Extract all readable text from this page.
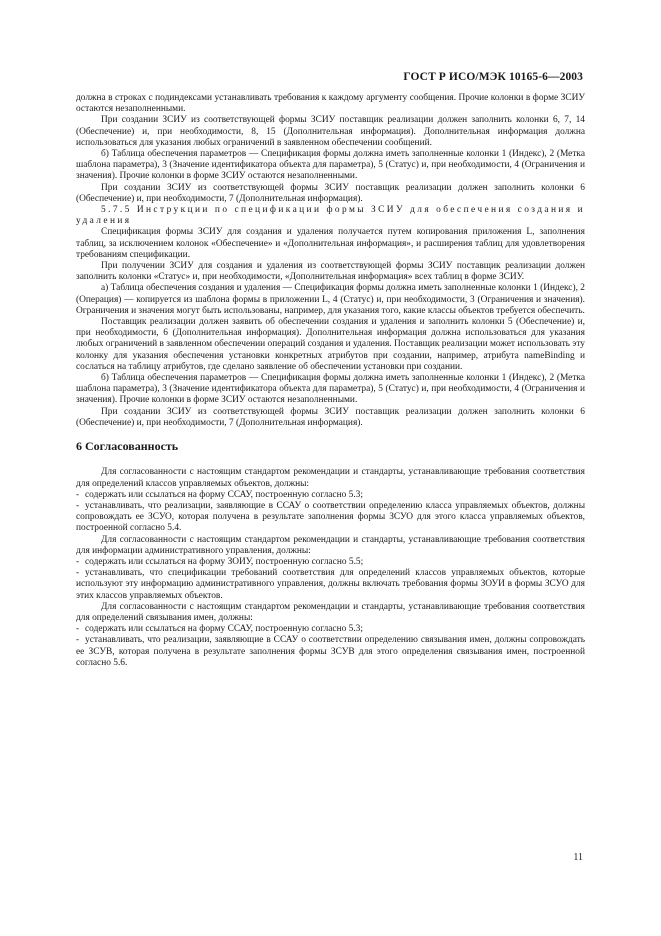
ГОСТ Р ИСО/МЭК 10165-6—2003

должна в строках с подиндексами устанавливать требования к каждому аргументу сообщения. Прочие колонки в форме ЗСИУ остаются незаполненными.

При создании ЗСИУ из соответствующей формы ЗСИУ поставщик реализации должен заполнить колонки 6, 7, 14 (Обеспечение) и, при необходимости, 8, 15 (Дополнительная информация). Дополнительная информация должна использоваться для указания любых ограничений в заявленном обеспечении сообщений.

б) Таблица обеспечения параметров — Спецификация формы должна иметь заполненные колонки 1 (Индекс), 2 (Метка шаблона параметра), 3 (Значение идентификатора объекта для параметра), 5 (Статус) и, при необходимости, 4 (Ограничения и значения). Прочие колонки в форме ЗСИУ остаются незаполненными.

При создании ЗСИУ из соответствующей формы ЗСИУ поставщик реализации должен заполнить колонки 6 (Обеспечение) и, при необходимости, 7 (Дополнительная информация).

5.7.5 Инструкции по спецификации формы ЗСИУ для обеспечения создания и удаления

Спецификация формы ЗСИУ для создания и удаления получается путем копирования приложения L, заполнения таблиц, за исключением колонок «Обеспечение» и «Дополнительная информация», и расширения таблиц для удовлетворения требованиям спецификации.

При получении ЗСИУ для создания и удаления из соответствующей формы ЗСИУ поставщик реализации должен заполнить колонки «Статус» и, при необходимости, «Дополнительная информация» всех таблиц в форме ЗСИУ.

а) Таблица обеспечения создания и удаления — Спецификация формы должна иметь заполненные колонки 1 (Индекс), 2 (Операция) — копируется из шаблона формы в приложении L, 4 (Статус) и, при необходимости, 3 (Ограничения и значения). Ограничения и значения могут быть использованы, например, для указания того, какие классы объектов требуется обеспечить.

Поставщик реализации должен заявить об обеспечении создания и удаления и заполнить колонки 5 (Обеспечение) и, при необходимости, 6 (Дополнительная информация). Дополнительная информация должна использоваться для указания любых ограничений в заявленном обеспечении операций создания и удаления. Поставщик реализации может использовать эту колонку для указания обеспечения установки конкретных атрибутов при создании, например, атрибута nameBinding и сослаться на таблицу атрибутов, где сделано заявление об обеспечении установки при создании.

б) Таблица обеспечения параметров — Спецификация формы должна иметь заполненные колонки 1 (Индекс), 2 (Метка шаблона параметра), 3 (Значение идентификатора объекта для параметра), 5 (Статус) и, при необходимости, 4 (Ограничения и значения). Прочие колонки в форме ЗСИУ остаются незаполненными.

При создании ЗСИУ из соответствующей формы ЗСИУ поставщик реализации должен заполнить колонки 6 (Обеспечение) и, при необходимости, 7 (Дополнительная информация).

6 Согласованность

Для согласованности с настоящим стандартом рекомендации и стандарты, устанавливающие требования соответствия для определений классов управляемых объектов, должны:

- содержать или ссылаться на форму ССАУ, построенную согласно 5.3;

- устанавливать, что реализации, заявляющие в ССАУ о соответствии определению класса управляемых объектов, должны сопровождать ее ЗСУО, которая получена в результате заполнения формы ЗСУО для этого класса управляемых объектов, построенной согласно 5.4.

Для согласованности с настоящим стандартом рекомендации и стандарты, устанавливающие требования соответствия для информации административного управления, должны:

- содержать или ссылаться на форму ЗОИУ, построенную согласно 5.5;

- устанавливать, что спецификации требований соответствия для определений классов управляемых объектов, которые используют эту информацию административного управления, должны включать требования формы ЗОУИ в формы ЗСУО для этих классов управляемых объектов.

Для согласованности с настоящим стандартом рекомендации и стандарты, устанавливающие требования соответствия для определений связывания имен, должны:

- содержать или ссылаться на форму ССАУ, построенную согласно 5.3;

- устанавливать, что реализации, заявляющие в ССАУ о соответствии определению связывания имен, должны сопровождать ее ЗСУВ, которая получена в результате заполнения формы ЗСУВ для этого определения связывания имен, построенной согласно 5.6.

11
